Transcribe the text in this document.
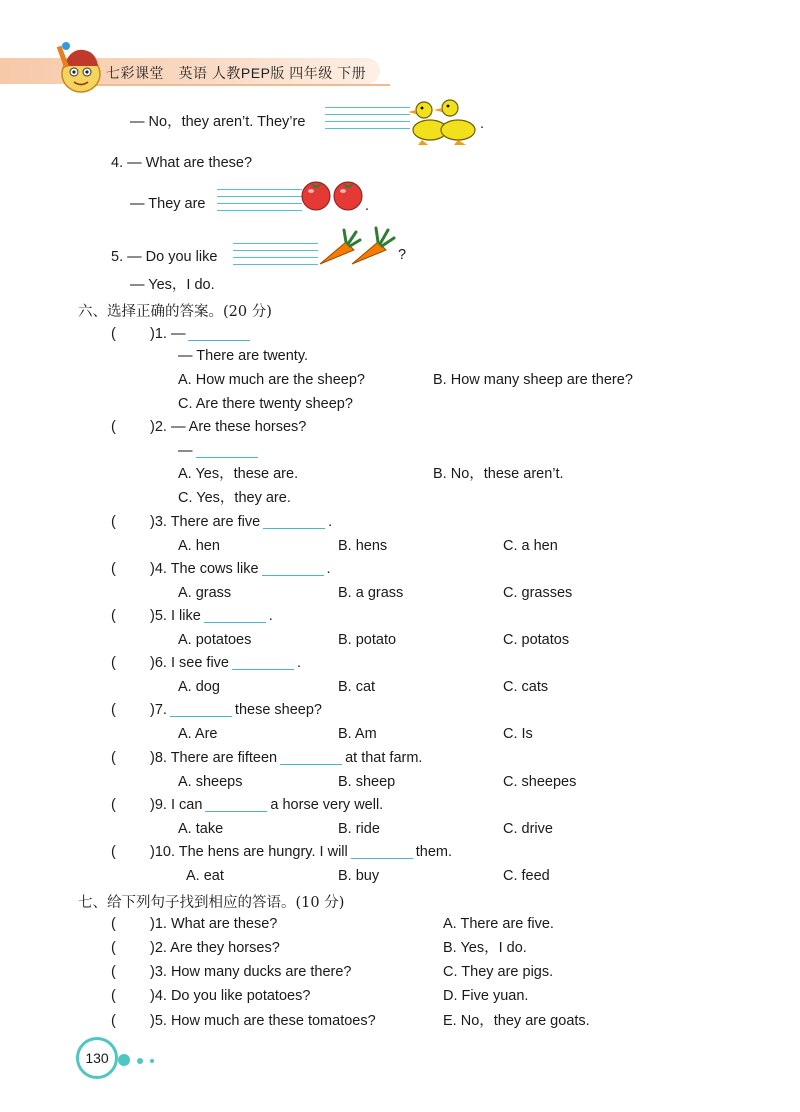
七彩课堂　英语 人教PEP版 四年级 下册
— No，they aren’t. They’re	.
4. — What are these?
— They are	.
5. — Do you like	?
— Yes，I do.
六、选择正确的答案。(20 分)
( )1. —
— There are twenty.
A. How much are the sheep?	B. How many sheep are there?
C. Are there twenty sheep?
( )2. — Are these horses?
—
A. Yes，these are.	B. No，these aren’t.
C. Yes，they are.
( )3. There are five	.
A. hen	B. hens	C. a hen
( )4. The cows like	.
A. grass	B. a grass	C. grasses
( )5. I like	.
A. potatoes	B. potato	C. potatos
( )6. I see five	.
A. dog	B. cat	C. cats
( )7.	these sheep?
A. Are	B. Am	C. Is
( )8. There are fifteen	at that farm.
A. sheeps	B. sheep	C. sheepes
( )9. I can	a horse very well.
A. take	B. ride	C. drive
( )10. The hens are hungry. I will	them.
A. eat	B. buy	C. feed
七、给下列句子找到相应的答语。(10 分)
( )1. What are these?	A. There are five.
( )2. Are they horses?	B. Yes，I do.
( )3. How many ducks are there?	C. They are pigs.
( )4. Do you like potatoes?	D. Five yuan.
( )5. How much are these tomatoes?	E. No，they are goats.
130
